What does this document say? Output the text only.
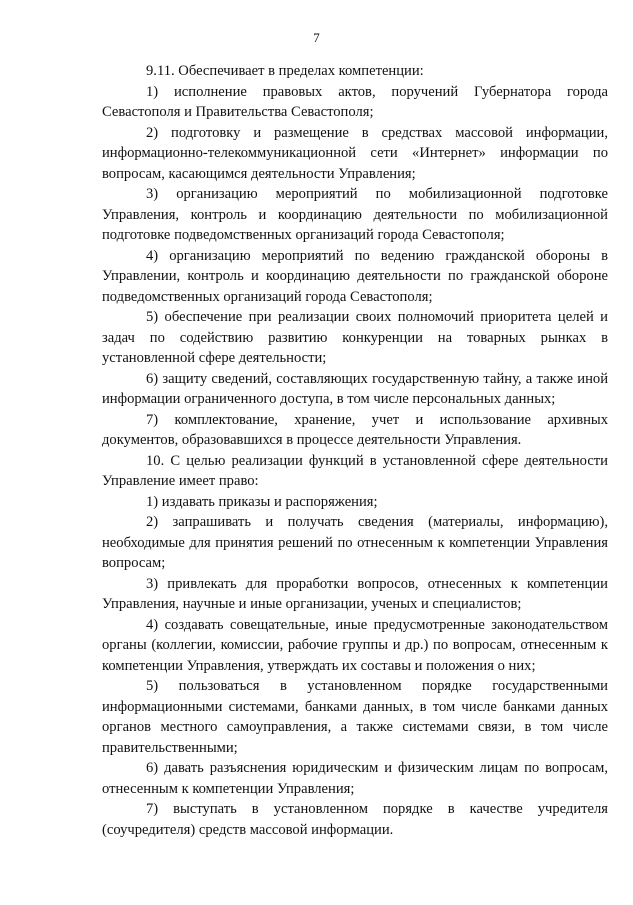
7

9.11. Обеспечивает в пределах компетенции:

1) исполнение правовых актов, поручений Губернатора города Севастополя и Правительства Севастополя;

2) подготовку и размещение в средствах массовой информации, информационно-телекоммуникационной сети «Интернет» информации по вопросам, касающимся деятельности Управления;

3) организацию мероприятий по мобилизационной подготовке Управления, контроль и координацию деятельности по мобилизационной подготовке подведомственных организаций города Севастополя;

4) организацию мероприятий по ведению гражданской обороны в Управлении, контроль и координацию деятельности по гражданской обороне подведомственных организаций города Севастополя;

5) обеспечение при реализации своих полномочий приоритета целей и задач по содействию развитию конкуренции на товарных рынках в установленной сфере деятельности;

6) защиту сведений, составляющих государственную тайну, а также иной информации ограниченного доступа, в том числе персональных данных;

7) комплектование, хранение, учет и использование архивных документов, образовавшихся в процессе деятельности Управления.

10. С целью реализации функций в установленной сфере деятельности Управление имеет право:

1) издавать приказы и распоряжения;

2) запрашивать и получать сведения (материалы, информацию), необходимые для принятия решений по отнесенным к компетенции Управления вопросам;

3) привлекать для проработки вопросов, отнесенных к компетенции Управления, научные и иные организации, ученых и специалистов;

4) создавать совещательные, иные предусмотренные законодательством органы (коллегии, комиссии, рабочие группы и др.) по вопросам, отнесенным к компетенции Управления, утверждать их составы и положения о них;

5) пользоваться в установленном порядке государственными информационными системами, банками данных, в том числе банками данных органов местного самоуправления, а также системами связи, в том числе правительственными;

6) давать разъяснения юридическим и физическим лицам по вопросам, отнесенным к компетенции Управления;

7) выступать в установленном порядке в качестве учредителя (соучредителя) средств массовой информации.
